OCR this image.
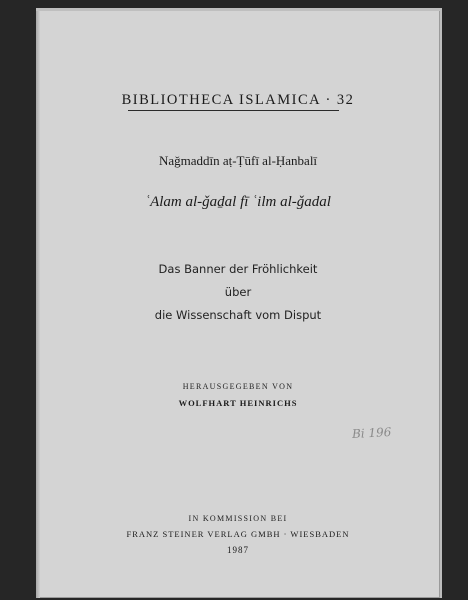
BIBLIOTHECA ISLAMICA · 32
Naǧmaddīn aṭ-Ṭūfī al-Ḥanbalī
ʿAlam al-ǧaḏal fī ʿilm al-ǧadal
Das Banner der Fröhlichkeit
über
die Wissenschaft vom Disput
HERAUSGEGEBEN VON
WOLFHART HEINRICHS
Bi 196
IN KOMMISSION BEI
FRANZ STEINER VERLAG GMBH · WIESBADEN
1987
